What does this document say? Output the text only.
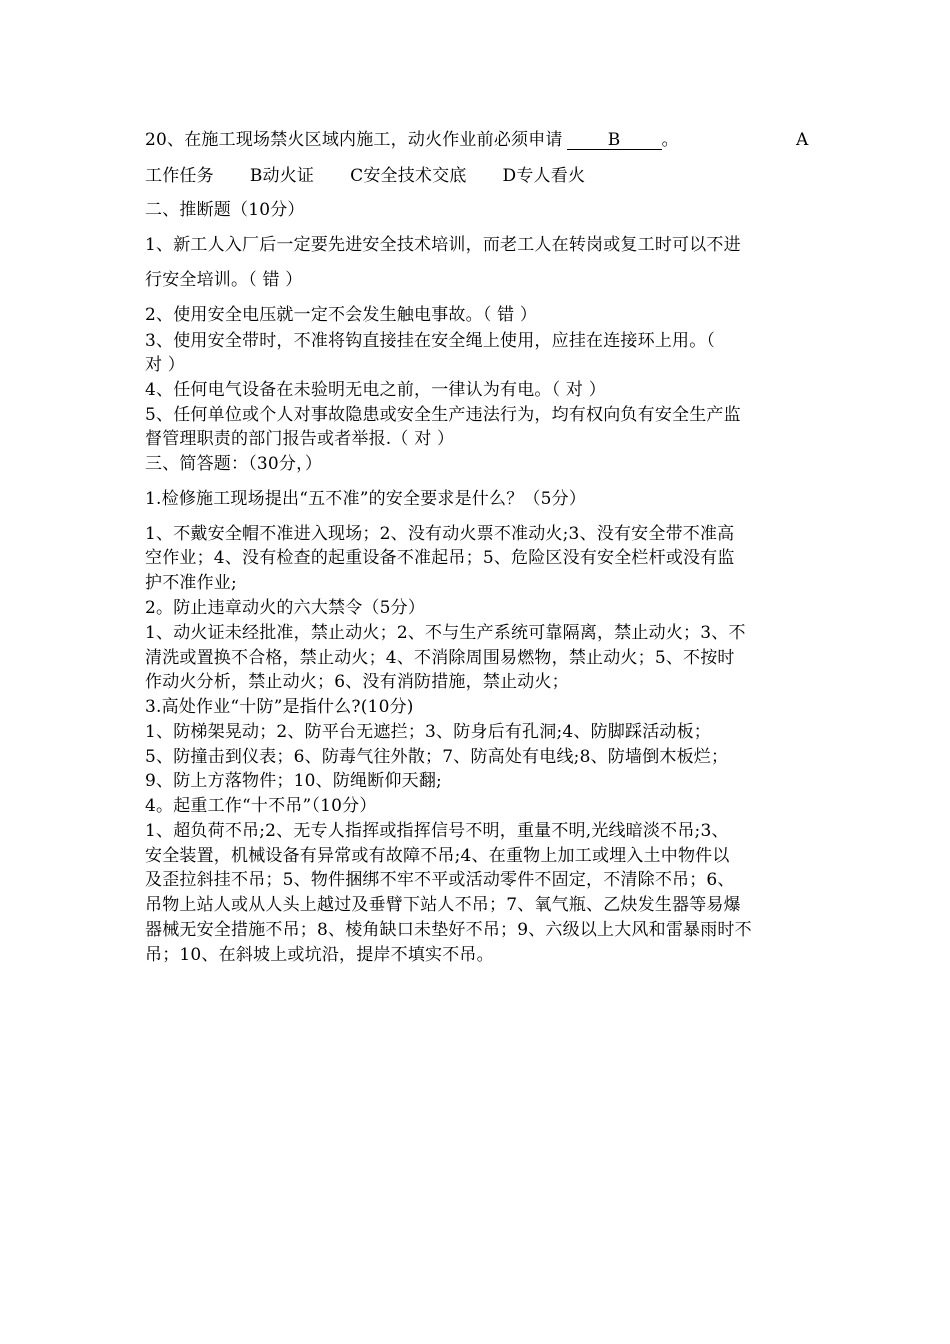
20、在施工现场禁火区域内施工，动火作业前必须申请	B 。	A
工作任务 B动火证 C安全技术交底 D专人看火
二、推断题（10分）
1、新工人入厂后一定要先进安全技术培训，而老工人在转岗或复工时可以不进
行安全培训。（ 错 ）
2、使用安全电压就一定不会发生触电事故。（ 错 ）
3、使用安全带时，不准将钩直接挂在安全绳上使用，应挂在连接环上用。（
对 ）
4、任何电气设备在未验明无电之前，一律认为有电。（ 对 ）
5、任何单位或个人对事故隐患或安全生产违法行为，均有权向负有安全生产监
督管理职责的部门报告或者举报.（ 对 ）
三、简答题：（30分，）
1.检修施工现场提出“五不准”的安全要求是什么？（5分）
1、不戴安全帽不准进入现场；2、没有动火票不准动火;3、没有安全带不准高
空作业；4、没有检查的起重设备不准起吊；5、危险区没有安全栏杆或没有监
护不准作业;
2。防止违章动火的六大禁令（5分）
1、动火证未经批准，禁止动火；2、不与生产系统可靠隔离，禁止动火；3、不
清洗或置换不合格，禁止动火；4、不消除周围易燃物，禁止动火；5、不按时
作动火分析，禁止动火；6、没有消防措施，禁止动火；
3.高处作业“十防”是指什么?(10分)
1、防梯架晃动；2、防平台无遮拦；3、防身后有孔洞;4、防脚踩活动板；
5、防撞击到仪表；6、防毒气往外散；7、防高处有电线;8、防墙倒木板烂；
9、防上方落物件；10、防绳断仰天翻;
4。起重工作“十不吊”（10分）
1、超负荷不吊;2、无专人指挥或指挥信号不明，重量不明,光线暗淡不吊;3、
安全装置，机械设备有异常或有故障不吊;4、在重物上加工或埋入土中物件以
及歪拉斜挂不吊；5、物件捆绑不牢不平或活动零件不固定，不清除不吊；6、
吊物上站人或从人头上越过及垂臂下站人不吊；7、氧气瓶、乙炔发生器等易爆
器械无安全措施不吊；8、棱角缺口未垫好不吊；9、六级以上大风和雷暴雨时不
吊；10、在斜坡上或坑沿，提岸不填实不吊。
